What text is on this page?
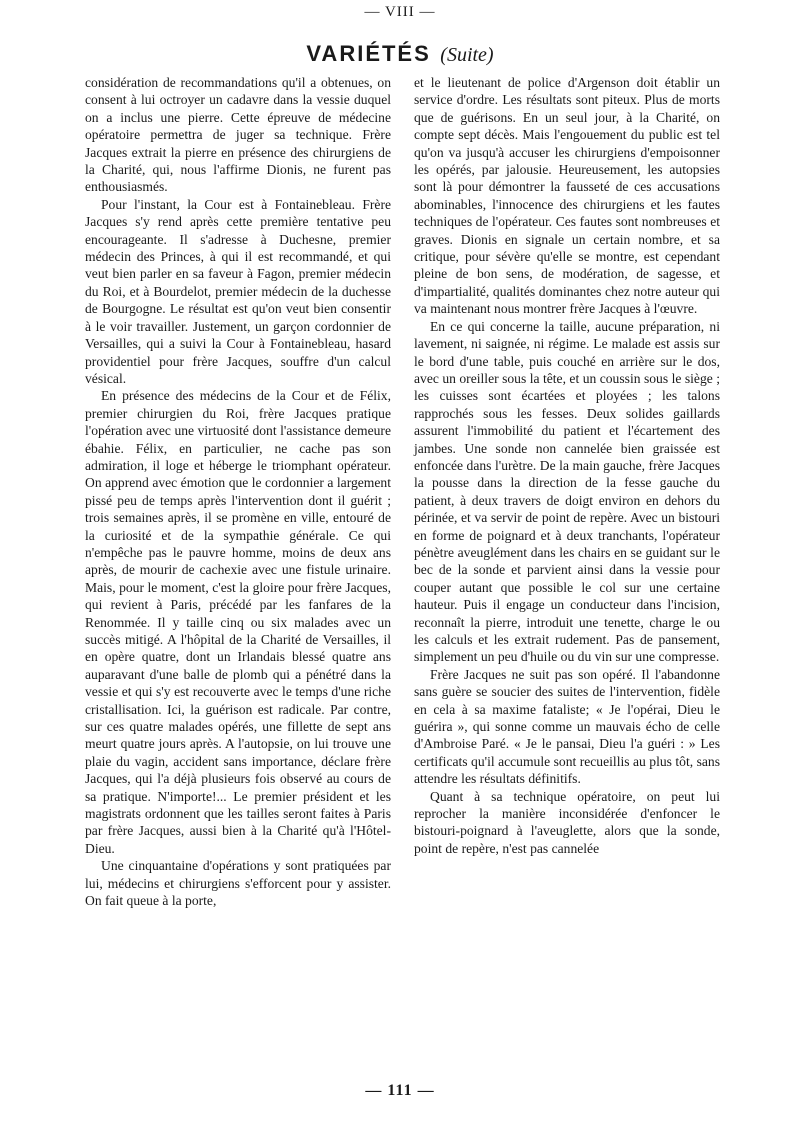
— VIII —
VARIÉTÉS (Suite)

considération de recommandations qu'il a obtenues, on consent à lui octroyer un cadavre dans la vessie duquel on a inclus une pierre. Cette épreuve de médecine opératoire permettra de juger sa technique. Frère Jacques extrait la pierre en présence des chirurgiens de la Charité, qui, nous l'affirme Dionis, ne furent pas enthousiasmés.

Pour l'instant, la Cour est à Fontainebleau. Frère Jacques s'y rend après cette première tentative peu encourageante. Il s'adresse à Duchesne, premier médecin des Princes, à qui il est recommandé, et qui veut bien parler en sa faveur à Fagon, premier médecin du Roi, et à Bourdelot, premier médecin de la duchesse de Bourgogne. Le résultat est qu'on veut bien consentir à le voir travailler. Justement, un garçon cordonnier de Versailles, qui a suivi la Cour à Fontainebleau, hasard providentiel pour frère Jacques, souffre d'un calcul vésical.

En présence des médecins de la Cour et de Félix, premier chirurgien du Roi, frère Jacques pratique l'opération avec une virtuosité dont l'assistance demeure ébahie. Félix, en particulier, ne cache pas son admiration, il loge et héberge le triomphant opérateur. On apprend avec émotion que le cordonnier a largement pissé peu de temps après l'intervention dont il guérit ; trois semaines après, il se promène en ville, entouré de la curiosité et de la sympathie générale. Ce qui n'empêche pas le pauvre homme, moins de deux ans après, de mourir de cachexie avec une fistule urinaire. Mais, pour le moment, c'est la gloire pour frère Jacques, qui revient à Paris, précédé par les fanfares de la Renommée. Il y taille cinq ou six malades avec un succès mitigé. A l'hôpital de la Charité de Versailles, il en opère quatre, dont un Irlandais blessé quatre ans auparavant d'une balle de plomb qui a pénétré dans la vessie et qui s'y est recouverte avec le temps d'une riche cristallisation. Ici, la guérison est radicale. Par contre, sur ces quatre malades opérés, une fillette de sept ans meurt quatre jours après. A l'autopsie, on lui trouve une plaie du vagin, accident sans importance, déclare frère Jacques, qui l'a déjà plusieurs fois observé au cours de sa pratique. N'importe!... Le premier président et les magistrats ordonnent que les tailles seront faites à Paris par frère Jacques, aussi bien à la Charité qu'à l'Hôtel-Dieu.

Une cinquantaine d'opérations y sont pratiquées par lui, médecins et chirurgiens s'efforcent pour y assister. On fait queue à la porte,

et le lieutenant de police d'Argenson doit établir un service d'ordre. Les résultats sont piteux. Plus de morts que de guérisons. En un seul jour, à la Charité, on compte sept décès. Mais l'engouement du public est tel qu'on va jusqu'à accuser les chirurgiens d'empoisonner les opérés, par jalousie. Heureusement, les autopsies sont là pour démontrer la fausseté de ces accusations abominables, l'innocence des chirurgiens et les fautes techniques de l'opérateur. Ces fautes sont nombreuses et graves. Dionis en signale un certain nombre, et sa critique, pour sévère qu'elle se montre, est cependant pleine de bon sens, de modération, de sagesse, et d'impartialité, qualités dominantes chez notre auteur qui va maintenant nous montrer frère Jacques à l'œuvre.

En ce qui concerne la taille, aucune préparation, ni lavement, ni saignée, ni régime. Le malade est assis sur le bord d'une table, puis couché en arrière sur le dos, avec un oreiller sous la tête, et un coussin sous le siège ; les cuisses sont écartées et ployées ; les talons rapprochés sous les fesses. Deux solides gaillards assurent l'immobilité du patient et l'écartement des jambes. Une sonde non cannelée bien graissée est enfoncée dans l'urètre. De la main gauche, frère Jacques la pousse dans la direction de la fesse gauche du patient, à deux travers de doigt environ en dehors du périnée, et va servir de point de repère. Avec un bistouri en forme de poignard et à deux tranchants, l'opérateur pénètre aveuglément dans les chairs en se guidant sur le bec de la sonde et parvient ainsi dans la vessie pour couper autant que possible le col sur une certaine hauteur. Puis il engage un conducteur dans l'incision, reconnaît la pierre, introduit une tenette, charge le ou les calculs et les extrait rudement. Pas de pansement, simplement un peu d'huile ou du vin sur une compresse.

Frère Jacques ne suit pas son opéré. Il l'abandonne sans guère se soucier des suites de l'intervention, fidèle en cela à sa maxime fataliste; « Je l'opérai, Dieu le guérira », qui sonne comme un mauvais écho de celle d'Ambroise Paré. « Je le pansai, Dieu l'a guéri : » Les certificats qu'il accumule sont recueillis au plus tôt, sans attendre les résultats définitifs.

Quant à sa technique opératoire, on peut lui reprocher la manière inconsidérée d'enfoncer le bistouri-poignard à l'aveuglette, alors que la sonde, point de repère, n'est pas cannelée

— 111 —
